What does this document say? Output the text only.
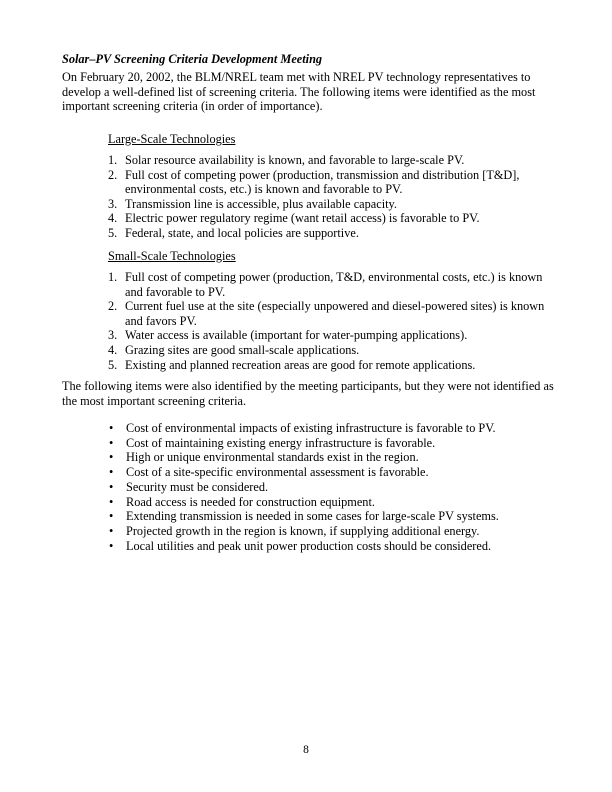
Solar–PV Screening Criteria Development Meeting
On February 20, 2002, the BLM/NREL team met with NREL PV technology representatives to develop a well-defined list of screening criteria. The following items were identified as the most important screening criteria (in order of importance).
Large-Scale Technologies
1. Solar resource availability is known, and favorable to large-scale PV.
2. Full cost of competing power (production, transmission and distribution [T&D], environmental costs, etc.) is known and favorable to PV.
3. Transmission line is accessible, plus available capacity.
4. Electric power regulatory regime (want retail access) is favorable to PV.
5. Federal, state, and local policies are supportive.
Small-Scale Technologies
1. Full cost of competing power (production, T&D, environmental costs, etc.) is known and favorable to PV.
2. Current fuel use at the site (especially unpowered and diesel-powered sites) is known and favors PV.
3. Water access is available (important for water-pumping applications).
4. Grazing sites are good small-scale applications.
5. Existing and planned recreation areas are good for remote applications.
The following items were also identified by the meeting participants, but they were not identified as the most important screening criteria.
• Cost of environmental impacts of existing infrastructure is favorable to PV.
• Cost of maintaining existing energy infrastructure is favorable.
• High or unique environmental standards exist in the region.
• Cost of a site-specific environmental assessment is favorable.
• Security must be considered.
• Road access is needed for construction equipment.
• Extending transmission is needed in some cases for large-scale PV systems.
• Projected growth in the region is known, if supplying additional energy.
• Local utilities and peak unit power production costs should be considered.
8
